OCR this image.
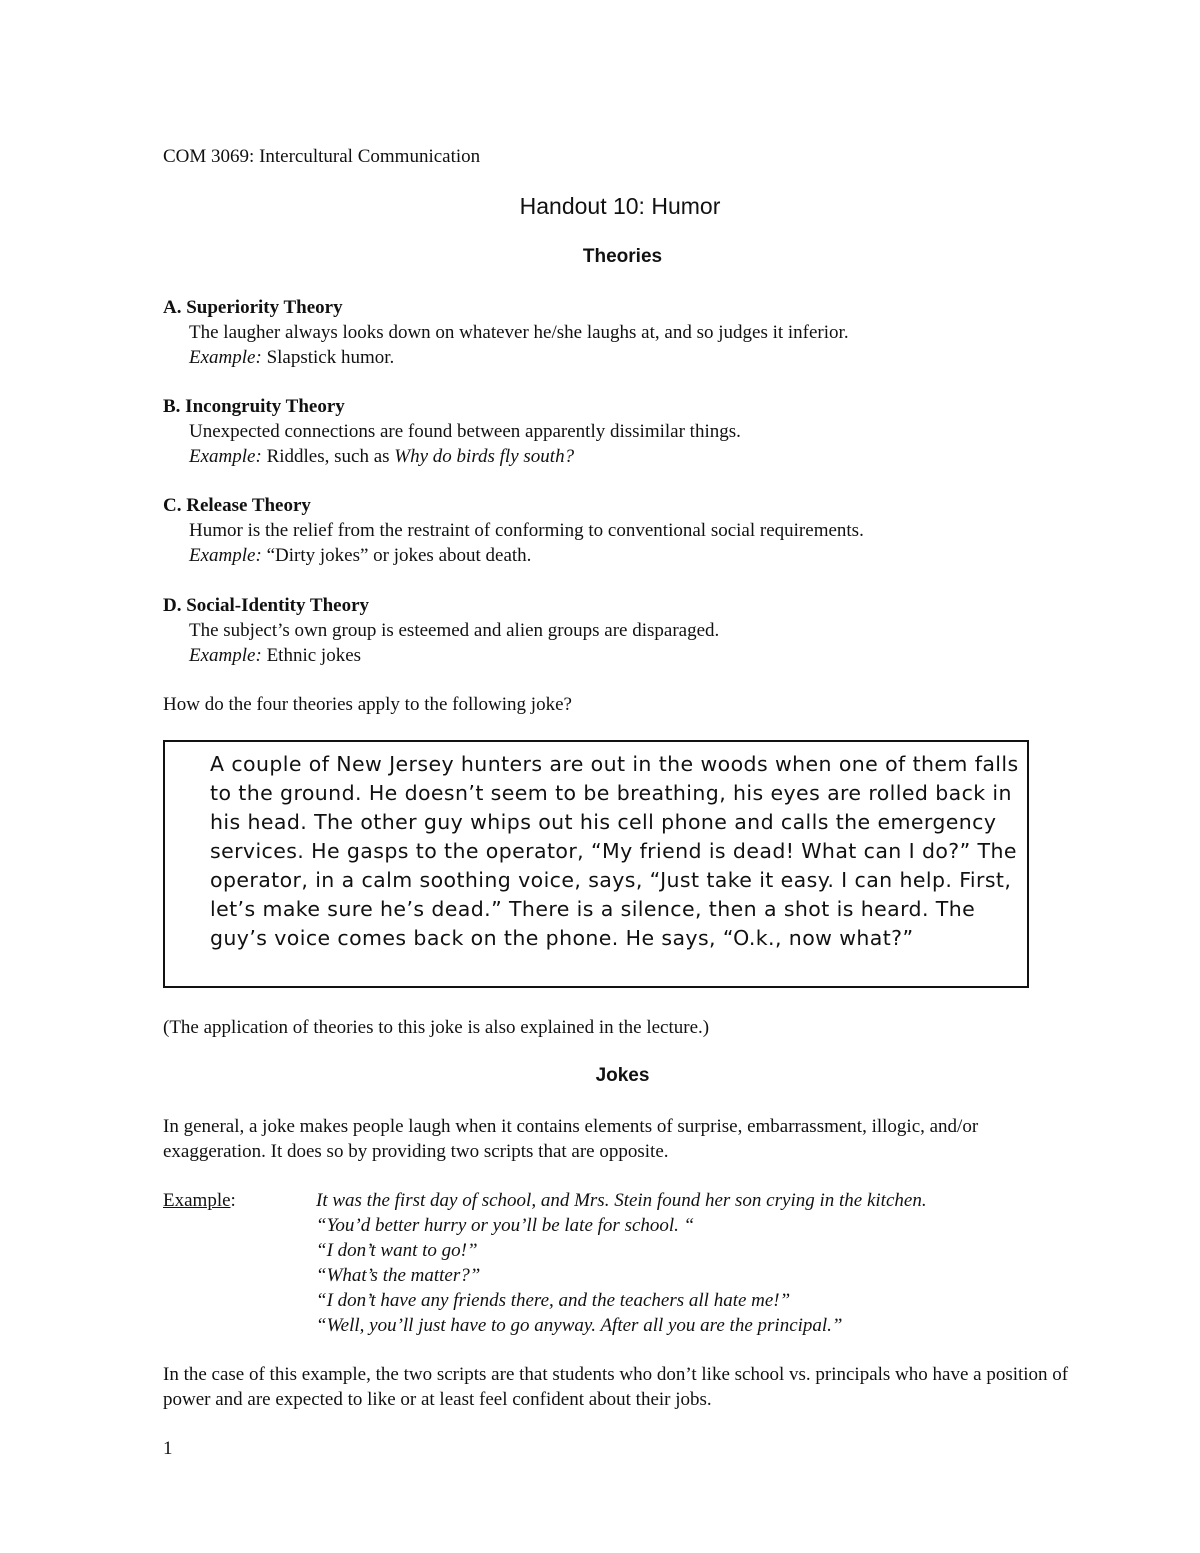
COM 3069: Intercultural Communication
Handout 10: Humor
Theories
A. Superiority Theory
The laugher always looks down on whatever he/she laughs at, and so judges it inferior.
Example: Slapstick humor.
B. Incongruity Theory
Unexpected connections are found between apparently dissimilar things.
Example: Riddles, such as Why do birds fly south?
C. Release Theory
Humor is the relief from the restraint of conforming to conventional social requirements.
Example: “Dirty jokes” or jokes about death.
D. Social-Identity Theory
The subject’s own group is esteemed and alien groups are disparaged.
Example: Ethnic jokes
How do the four theories apply to the following joke?

A couple of New Jersey hunters are out in the woods when one of them falls to the ground. He doesn’t seem to be breathing, his eyes are rolled back in his head. The other guy whips out his cell phone and calls the emergency services. He gasps to the operator, “My friend is dead! What can I do?” The operator, in a calm soothing voice, says, “Just take it easy. I can help. First, let’s make sure he’s dead.” There is a silence, then a shot is heard. The guy’s voice comes back on the phone. He says, “O.k., now what?”

(The application of theories to this joke is also explained in the lecture.)
Jokes
In general, a joke makes people laugh when it contains elements of surprise, embarrassment, illogic, and/or exaggeration. It does so by providing two scripts that are opposite.
Example:	It was the first day of school, and Mrs. Stein found her son crying in the kitchen.
“You’d better hurry or you’ll be late for school. “
“I don’t want to go!”
“What’s the matter?”
“I don’t have any friends there, and the teachers all hate me!”
“Well, you’ll just have to go anyway. After all you are the principal.”
In the case of this example, the two scripts are that students who don’t like school vs. principals who have a position of power and are expected to like or at least feel confident about their jobs.
1
